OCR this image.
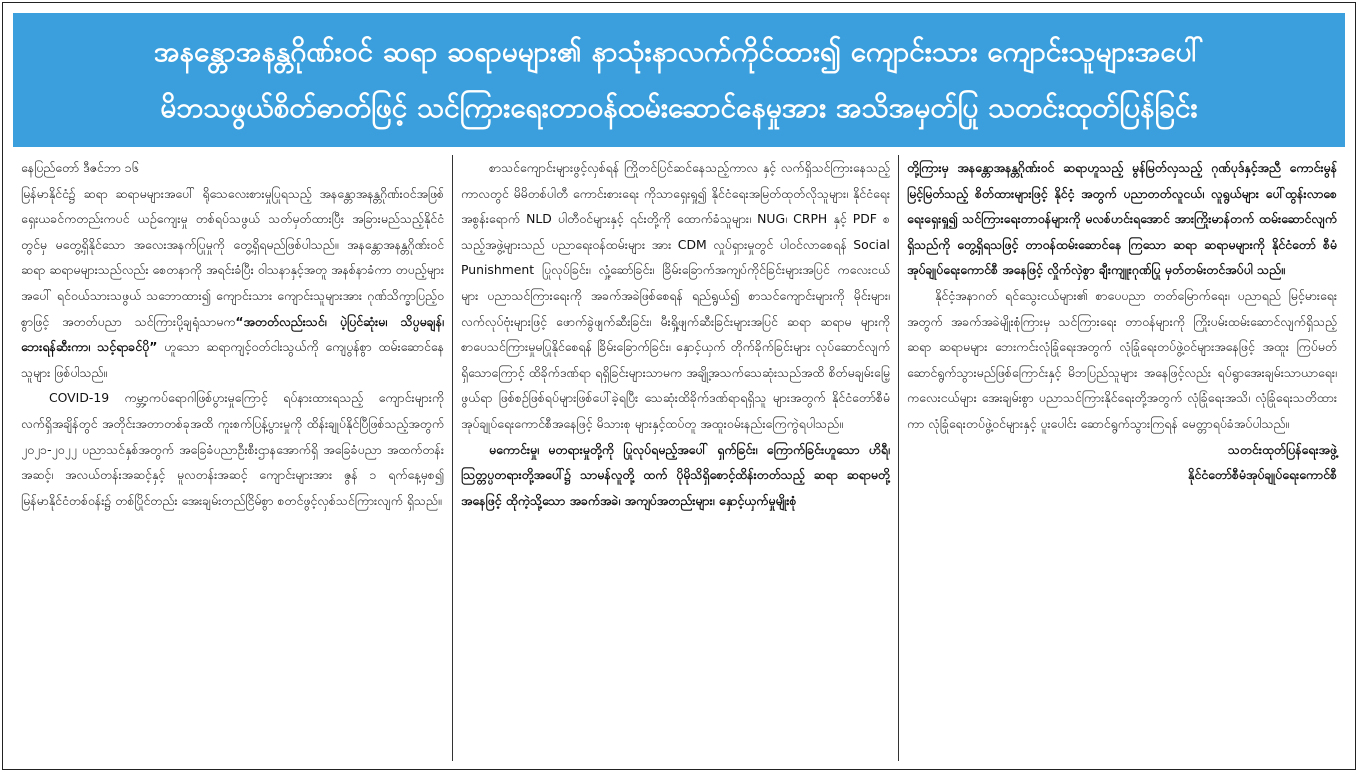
အနန္တောအနန္တဂိုဏ်းဝင် ဆရာ ဆရာမများ၏ နာသုံးနာလက်ကိုင်ထား၍ ကျောင်းသား ကျောင်းသူများအပေါ်
မိဘသဖွယ်စိတ်ဓာတ်ဖြင့် သင်ကြားရေးတာဝန်ထမ်းဆောင်နေမှုအား အသိအမှတ်ပြု သတင်းထုတ်ပြန်ခြင်း

နေပြည်တော် ဒီဇင်ဘာ ၁၆

မြန်မာနိုင်ငံ၌ ဆရာ ဆရာမများအပေါ် ရိုသေလေးစားမှုပြုရသည့် အနန္တောအနန္တဂိုဏ်းဝင်အဖြစ် ရှေးယခင်ကတည်းကပင် ယဉ်ကျေးမှု တစ်ရပ်သဖွယ် သတ်မှတ်ထားပြီး အခြားမည်သည့်နိုင်ငံတွင်မှ မတွေ့ရှိနိုင်သော အလေးအနက်ပြုမှုကို တွေ့ရှိရမည်ဖြစ်ပါသည်။ အနန္တောအနန္တဂိုဏ်းဝင် ဆရာ ဆရာမများသည်လည်း စေတနာကို အရင်းခံပြီး ဝါသနာနှင့်အတူ အနစ်နာခံကာ တပည့်များအပေါ် ရင်ဝယ်သားသဖွယ် သဘောထား၍ ကျောင်းသား ကျောင်းသူများအား ဂုဏ်သိက္ခာပြည့်ဝစွာဖြင့် အတတ်ပညာ သင်ကြားပို့ချရုံသာမက“အတတ်လည်းသင်၊ ပဲ့ပြင်ဆုံးမ၊ သိပ္ပမချန်၊ ဘေးရန်ဆီးကာ၊ သင့်ရာခင်ပို” ဟူသော ဆရာကျင့်ဝတ်ငါးသွယ်ကို ကျေပွန်စွာ ထမ်းဆောင်နေသူများ ဖြစ်ပါသည်။

COVID-19 ကမ္ဘာ့ကပ်ရောဂါဖြစ်ပွားမှုကြောင့် ရပ်နားထားရသည့် ကျောင်းများကို လက်ရှိအချိန်တွင် အတိုင်းအတာတစ်ခုအထိ ကူးစက်ပြန့်ပွားမှုကို ထိန်းချုပ်နိုင်ပြီဖြစ်သည့်အတွက် ၂၀၂၁-၂၀၂၂ ပညာသင်နှစ်အတွက် အခြေခံပညာဦးစီးဌာနအောက်ရှိ အခြေခံပညာ အထက်တန်းအဆင့်၊ အလယ်တန်းအဆင့်နှင့် မူလတန်းအဆင့် ကျောင်းများအား ဇွန် ၁ ရက်နေ့မှစ၍ မြန်မာနိုင်ငံတစ်ဝန်း၌ တစ်ပြိုင်တည်း အေးချမ်းတည်ငြိမ်စွာ စတင်ဖွင့်လှစ်သင်ကြားလျက် ရှိသည်။

စာသင်ကျောင်းများဖွင့်လှစ်ရန် ကြိုတင်ပြင်ဆင်နေသည့်ကာလ နှင့် လက်ရှိသင်ကြားနေသည့်ကာလတွင် မိမိတစ်ပါတီ ကောင်းစားရေး ကိုသာရှေးရှု၍ နိုင်ငံရေးအမြတ်ထုတ်လိုသူများ၊ နိုင်ငံရေး အစွန်းရောက် NLD ပါတီဝင်များနှင့် ၎င်းတို့ကို ထောက်ခံသူများ၊ NUG၊ CRPH နှင့် PDF စသည့်အဖွဲ့များသည် ပညာရေးဝန်ထမ်းများ အား CDM လှုပ်ရှားမှုတွင် ပါဝင်လာစေရန် Social Punishment ပြုလုပ်ခြင်း၊ လှုံ့ဆော်ခြင်း၊ ခြိမ်းခြောက်အကျပ်ကိုင်ခြင်းများအပြင် ကလေးငယ်များ ပညာသင်ကြားရေးကို အခက်အခဲဖြစ်စေရန် ရည်ရွယ်၍ စာသင်ကျောင်းများကို မိုင်းများ၊ လက်လုပ်ဗုံးများဖြင့် ဖောက်ခွဲဖျက်ဆီးခြင်း၊ မီးရှို့ဖျက်ဆီးခြင်းများအပြင် ဆရာ ဆရာမ များကို စာပေသင်ကြားမှုမပြုနိုင်စေရန် ခြိမ်းခြောက်ခြင်း၊ နှောင့်ယှက် တိုက်ခိုက်ခြင်းများ လုပ်ဆောင်လျက်ရှိသောကြောင့် ထိခိုက်ဒဏ်ရာ ရရှိခြင်းများသာမက အချို့အသက်သေဆုံးသည်အထိ စိတ်မချမ်းမြေ့ ဖွယ်ရာ ဖြစ်စဉ်ဖြစ်ရပ်များဖြစ်ပေါ်ခဲ့ရပြီး သေဆုံးထိခိုက်ဒဏ်ရာရရှိသူ များအတွက် နိုင်ငံတော်စီမံအုပ်ချုပ်ရေးကောင်စီအနေဖြင့် မိသားစု များနှင့်ထပ်တူ အထူးဝမ်းနည်းကြေကွဲရပါသည်။

မကောင်းမှု၊ မတရားမှုတို့ကို ပြုလုပ်ရမည့်အပေါ် ရှက်ခြင်း၊ ကြောက်ခြင်းဟူသော ဟိရီ၊ ဩတ္တပ္ပတရားတို့အပေါ်၌ သာမန်လူတို့ ထက် ပိုမိုသိရှိစောင့်ထိန်းတတ်သည့် ဆရာ ဆရာမတို့အနေဖြင့် ထိုကဲ့သို့သော အခက်အခဲ၊ အကျပ်အတည်းများ၊ နှောင့်ယှက်မှုမျိုးစုံ

တို့ကြားမှ အနန္တောအနန္တဂိုဏ်းဝင် ဆရာဟူသည့် မွန်မြတ်လှသည့် ဂုဏ်ပုဒ်နှင့်အညီ ကောင်းမွန်မြင့်မြတ်သည့် စိတ်ထားများဖြင့် နိုင်ငံ့ အတွက် ပညာတတ်လူငယ်၊ လူရွယ်များ ပေါ်ထွန်းလာစေရေးရှေးရှု၍ သင်ကြားရေးတာဝန်များကို မလစ်ဟင်းရအောင် အားကြိုးမာန်တက် ထမ်းဆောင်လျက်ရှိသည်ကို တွေ့ရှိရသဖြင့် တာဝန်ထမ်းဆောင်နေ ကြသော ဆရာ ဆရာမများကို နိုင်ငံတော် စီမံအုပ်ချုပ်ရေးကောင်စီ အနေဖြင့် လှိုက်လှဲစွာ ချီးကျူးဂုဏ်ပြု မှတ်တမ်းတင်အပ်ပါ သည်။

နိုင်ငံ့အနာဂတ် ရင်သွေးငယ်များ၏ စာပေပညာ တတ်မြောက်ရေး၊ ပညာရည် မြင့်မားရေးအတွက် အခက်အခဲမျိုးစုံကြားမှ သင်ကြားရေး တာဝန်များကို ကြိုးပမ်းထမ်းဆောင်လျက်ရှိသည့် ဆရာ ဆရာမများ ဘေးကင်းလုံခြုံရေးအတွက် လုံခြုံရေးတပ်ဖွဲ့ဝင်များအနေဖြင့် အထူး ကြပ်မတ်ဆောင်ရွက်သွားမည်ဖြစ်ကြောင်းနှင့် မိဘပြည်သူများ အနေဖြင့်လည်း ရပ်ရွာအေးချမ်းသာယာရေး၊ ကလေးငယ်များ အေးချမ်းစွာ ပညာသင်ကြားနိုင်ရေးတို့အတွက် လုံခြုံရေးအသိ၊ လုံခြုံရေးသတိထားကာ လုံခြုံရေးတပ်ဖွဲ့ဝင်များနှင့် ပူးပေါင်း ဆောင်ရွက်သွားကြရန် မေတ္တာရပ်ခံအပ်ပါသည်။

သတင်းထုတ်ပြန်ရေးအဖွဲ့

နိုင်ငံတော်စီမံအုပ်ချုပ်ရေးကောင်စီ
